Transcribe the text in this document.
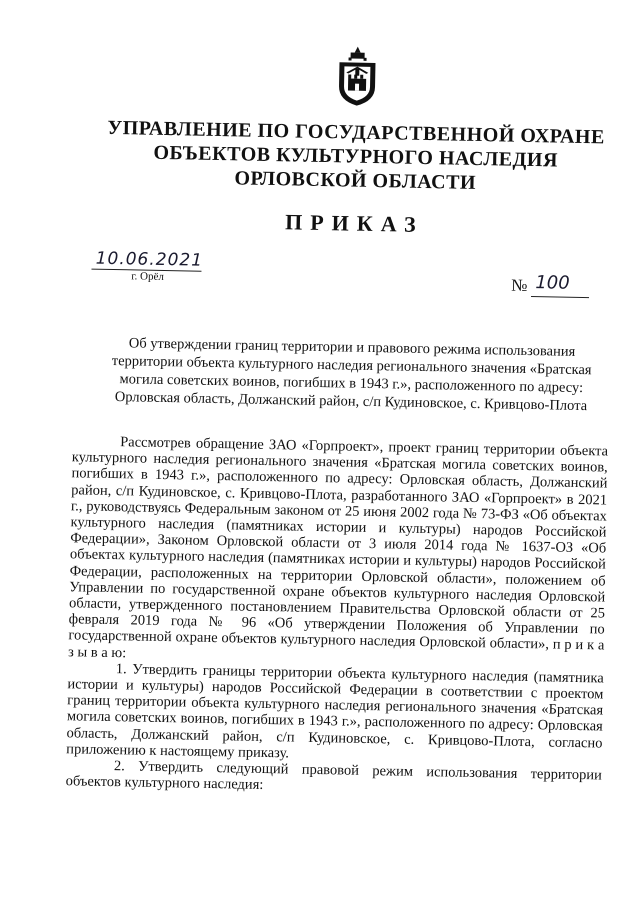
УПРАВЛЕНИЕ ПО ГОСУДАРСТВЕННОЙ ОХРАНЕ
ОБЪЕКТОВ КУЛЬТУРНОГО НАСЛЕДИЯ
ОРЛОВСКОЙ ОБЛАСТИ
ПРИКАЗ
10.06.2021
г. Орёл	№ 100
Об утверждении границ территории и правового режима использования
территории объекта культурного наследия регионального значения «Братская
могила советских воинов, погибших в 1943 г.», расположенного по адресу:
Орловская область, Должанский район, с/п Кудиновское, с. Кривцово-Плота

Рассмотрев обращение ЗАО «Горпроект», проект границ территории объекта культурного наследия регионального значения «Братская могила советских воинов, погибших в 1943 г.», расположенного по адресу: Орловская область, Должанский район, с/п Кудиновское, с. Кривцово-Плота, разработанного ЗАО «Горпроект» в 2021 г., руководствуясь Федеральным законом от 25 июня 2002 года № 73-ФЗ «Об объектах культурного наследия (памятниках истории и культуры) народов Российской Федерации», Законом Орловской области от 3 июля 2014 года № 1637-ОЗ «Об объектах культурного наследия (памятниках истории и культуры) народов Российской Федерации, расположенных на территории Орловской области», положением об Управлении по государственной охране объектов культурного наследия Орловской области, утвержденного постановлением Правительства Орловской области от 25 февраля 2019 года № 96 «Об утверждении Положения об Управлении по государственной охране объектов культурного наследия Орловской области», п р и к а з ы в а ю:

1. Утвердить границы территории объекта культурного наследия (памятника истории и культуры) народов Российской Федерации в соответствии с проектом границ территории объекта культурного наследия регионального значения «Братская могила советских воинов, погибших в 1943 г.», расположенного по адресу: Орловская область, Должанский район, с/п Кудиновское, с. Кривцово-Плота, согласно приложению к настоящему приказу.

2. Утвердить следующий правовой режим использования территории объектов культурного наследия:
